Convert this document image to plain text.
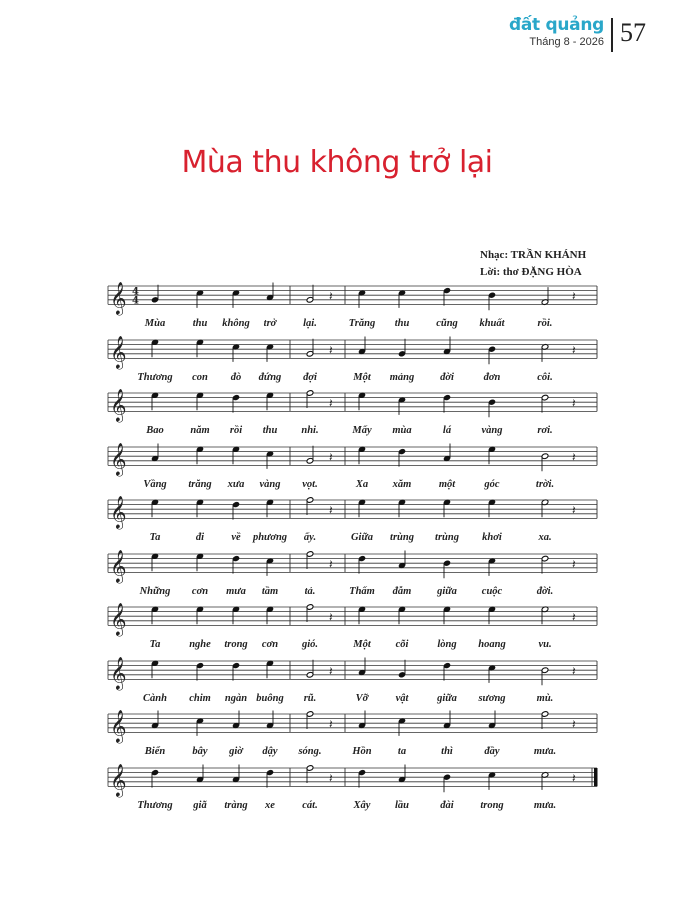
đất quảng
Tháng 8 - 2026 57
Mùa thu không trở lại
Nhạc: TRẦN KHÁNH
Lời: thơ ĐẶNG HÒA
𝄞 4
4	𝄽	𝄽
Mùa	thu không trở	lại.	Trăng thu	cũng khuất	rồi.
𝄞	𝄽	𝄽
Thương con đò đứng đợi	Một mảng đời	đơn	côi.
𝄞	𝄽	𝄽
Bao	năm rồi thu nhi.	Mấy mùa	lá	vàng	rơi.
𝄞	𝄽	𝄽
Vầng trăng xưa vàng vọt.	Xa xăm	một	góc	trời.
𝄞	𝄽	𝄽
Ta	đi	về phương ấy.	Giữa trùng trùng khơi	xa.
𝄞	𝄽	𝄽
Những cơn mưa tầm	tả.	Thấm đẫm giữa cuộc	đời.
𝄞	𝄽	𝄽
Ta	nghe trong cơn gió.	Một cõi	lòng hoang	vu.
𝄞	𝄽	𝄽
Cành chim ngàn buông rũ.	Vỡ	vật	giữa sương	mù.
𝄞	𝄽	𝄽
Biển	bây giờ dậy sóng.	Hồn	ta	thì	đầy	mưa.
𝄞	𝄽	𝄽
Thương giã tràng xe	cát.	Xây lầu	đài	trong	mưa.
